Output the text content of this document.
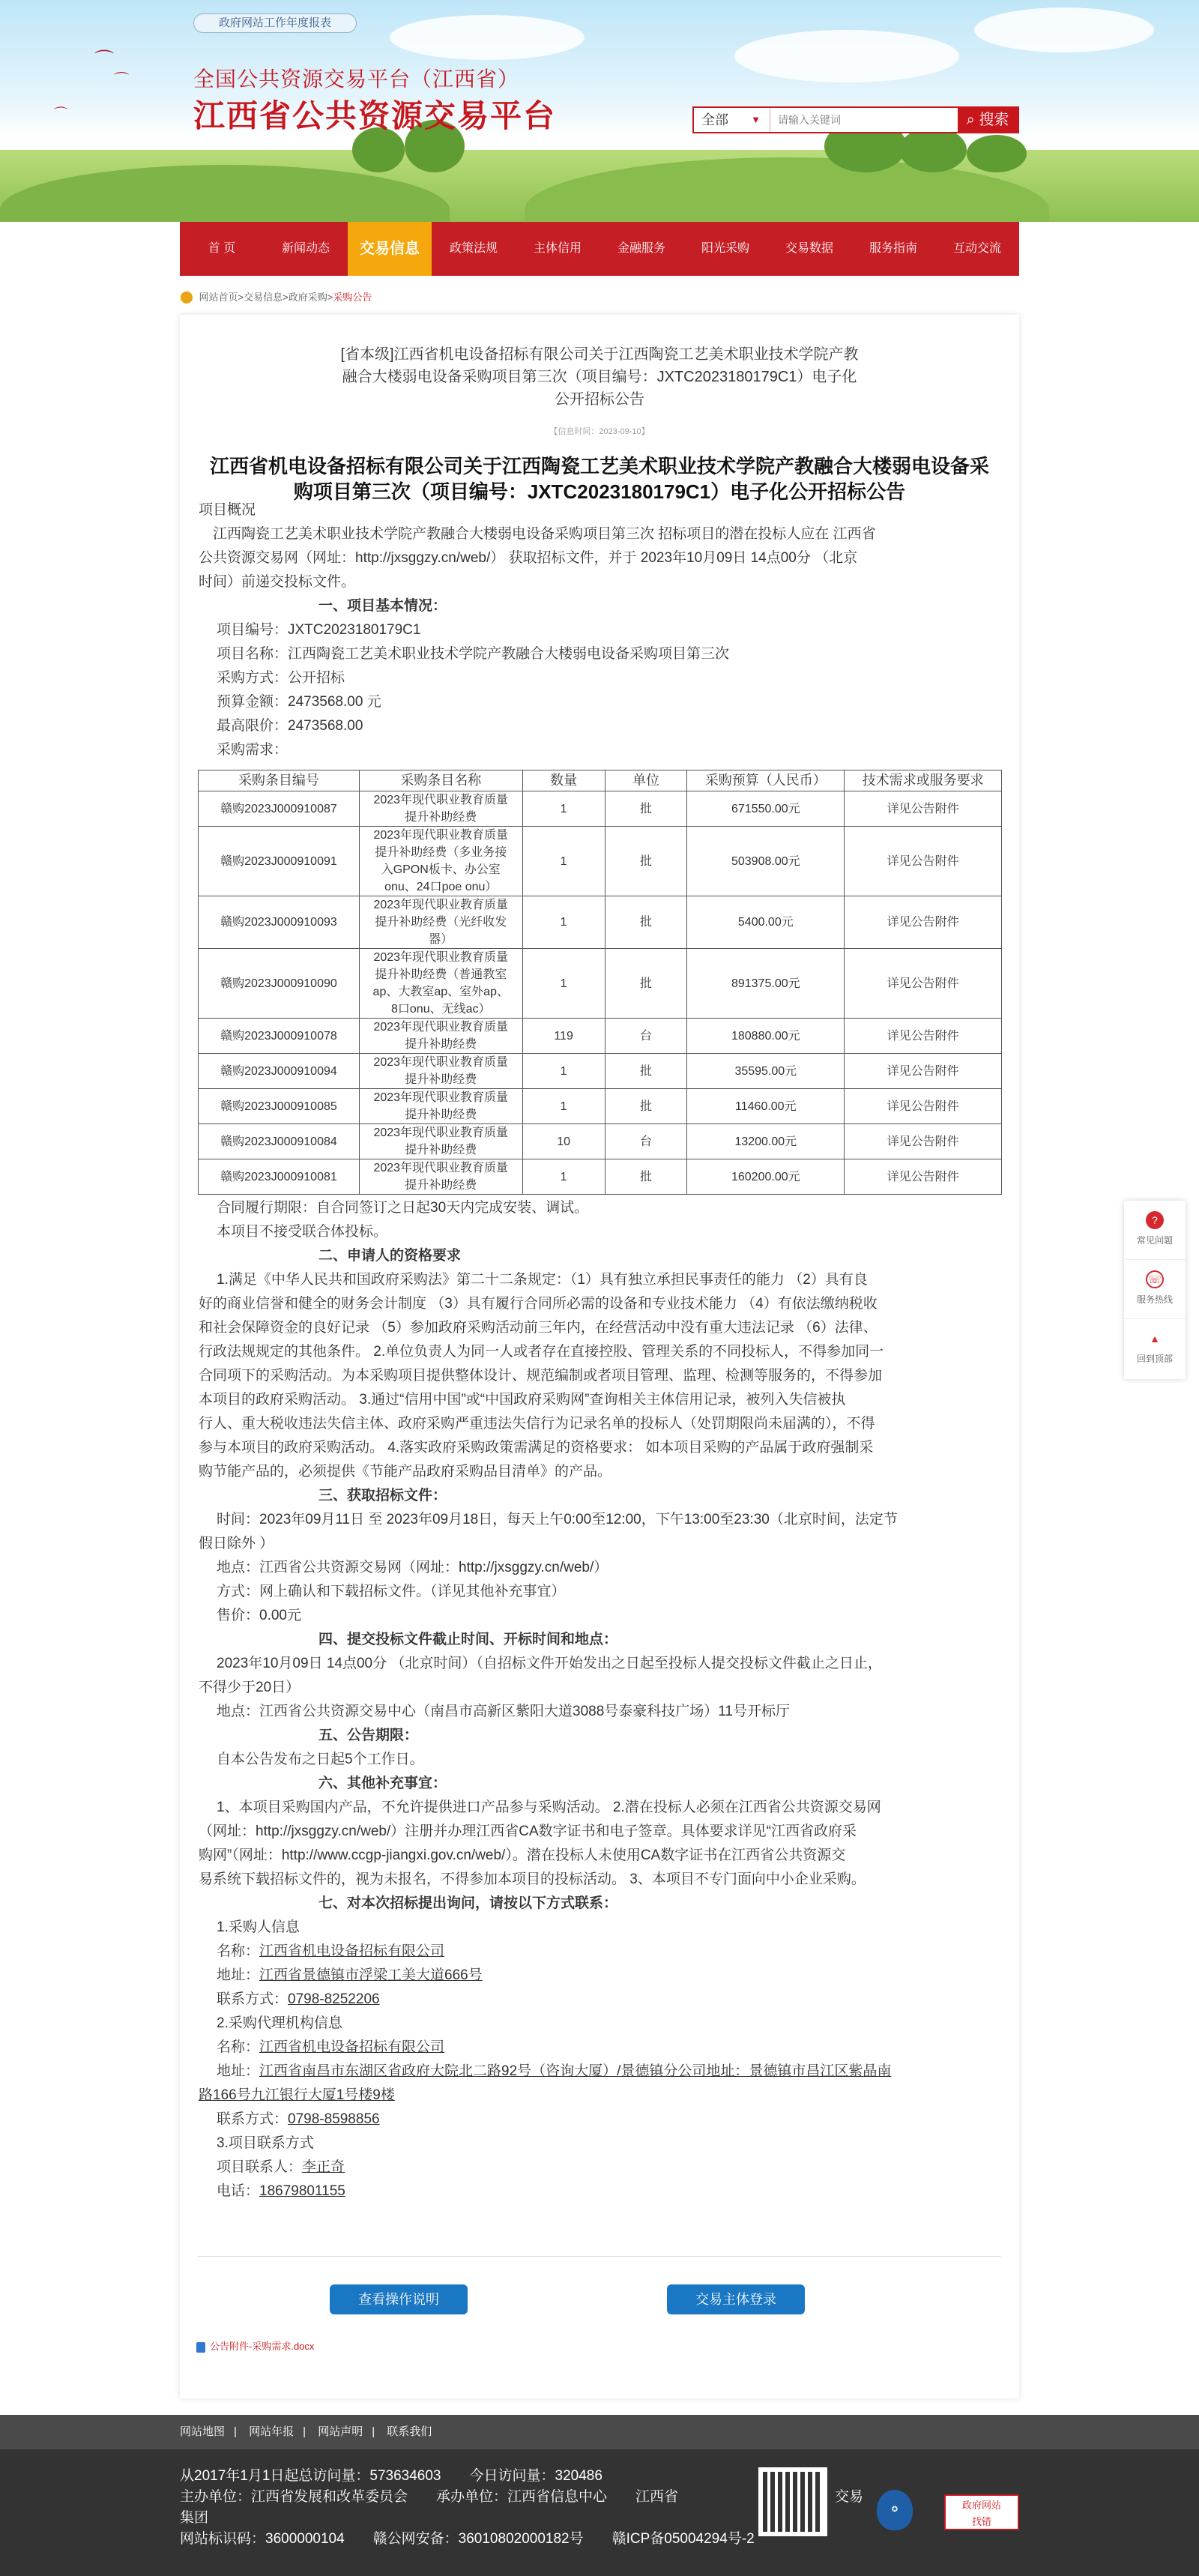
⌒
⌒
⌒
政府网站工作年度报表
全国公共资源交易平台（江西省）
江西省公共资源交易平台	全部 ▼
请输入关键词	⌕ 搜索
首 页	新闻动态	交易信息	政策法规	主体信用	金融服务	阳光采购	交易数据	服务指南	互动交流
⬤ 网站首页>交易信息>政府采购>采购公告
[省本级]江西省机电设备招标有限公司关于江西陶瓷工艺美术职业技术学院产教
融合大楼弱电设备采购项目第三次（项目编号：JXTC2023180179C1）电子化
公开招标公告
【信息时间：2023-09-10】
江西省机电设备招标有限公司关于江西陶瓷工艺美术职业技术学院产教融合大楼弱电设备采
购项目第三次（项目编号：JXTC2023180179C1）电子化公开招标公告

项目概况

　江西陶瓷工艺美术职业技术学院产教融合大楼弱电设备采购项目第三次 招标项目的潜在投标人应在 江西省

公共资源交易网（网址：http://jxsggzy.cn/web/） 获取招标文件，并于 2023年10月09日 14点00分 （北京

时间）前递交投标文件。

一、项目基本情况：

项目编号：JXTC2023180179C1

项目名称：江西陶瓷工艺美术职业技术学院产教融合大楼弱电设备采购项目第三次

采购方式：公开招标

预算金额：2473568.00 元

最高限价：2473568.00

采购需求：

采购条目编号	采购条目名称	数量	单位	采购预算（人民币）	技术需求或服务要求
赣购2023J000910087	2023年现代职业教育质量
提升补助经费	1	批	671550.00元	详见公告附件
赣购2023J000910091	2023年现代职业教育质量
提升补助经费（多业务接
入GPON板卡、办公室
onu、24口poe onu）	1	批	503908.00元	详见公告附件
赣购2023J000910093	2023年现代职业教育质量
提升补助经费（光纤收发
器）	1	批	5400.00元	详见公告附件
赣购2023J000910090	2023年现代职业教育质量
提升补助经费（普通教室
ap、大教室ap、室外ap、
8口onu、无线ac）	1	批	891375.00元	详见公告附件
赣购2023J000910078	2023年现代职业教育质量
提升补助经费	119	台	180880.00元	详见公告附件
赣购2023J000910094	2023年现代职业教育质量
提升补助经费	1	批	35595.00元	详见公告附件
赣购2023J000910085	2023年现代职业教育质量
提升补助经费	1	批	11460.00元	详见公告附件
赣购2023J000910084	2023年现代职业教育质量
提升补助经费	10	台	13200.00元	详见公告附件
赣购2023J000910081	2023年现代职业教育质量
提升补助经费	1	批	160200.00元	详见公告附件

合同履行期限：自合同签订之日起30天内完成安装、调试。

本项目不接受联合体投标。

二、申请人的资格要求

1.满足《中华人民共和国政府采购法》第二十二条规定：（1）具有独立承担民事责任的能力 （2）具有良

好的商业信誉和健全的财务会计制度 （3）具有履行合同所必需的设备和专业技术能力 （4）有依法缴纳税收

和社会保障资金的良好记录 （5）参加政府采购活动前三年内，在经营活动中没有重大违法记录 （6）法律、

行政法规规定的其他条件。 2.单位负责人为同一人或者存在直接控股、管理关系的不同投标人，不得参加同一

合同项下的采购活动。为本采购项目提供整体设计、规范编制或者项目管理、监理、检测等服务的，不得参加

本项目的政府采购活动。 3.通过“信用中国”或“中国政府采购网”查询相关主体信用记录，被列入失信被执

行人、重大税收违法失信主体、政府采购严重违法失信行为记录名单的投标人（处罚期限尚未届满的），不得

参与本项目的政府采购活动。 4.落实政府采购政策需满足的资格要求： 如本项目采购的产品属于政府强制采

购节能产品的，必须提供《节能产品政府采购品目清单》的产品。

三、获取招标文件：

时间：2023年09月11日 至 2023年09月18日，每天上午0:00至12:00，下午13:00至23:30（北京时间，法定节

假日除外 ）

地点：江西省公共资源交易网（网址：http://jxsggzy.cn/web/）

方式：网上确认和下载招标文件。（详见其他补充事宜）

售价：0.00元

四、提交投标文件截止时间、开标时间和地点：

2023年10月09日 14点00分 （北京时间）（自招标文件开始发出之日起至投标人提交投标文件截止之日止，

不得少于20日）

地点：江西省公共资源交易中心（南昌市高新区紫阳大道3088号泰豪科技广场）11号开标厅

五、公告期限：

自本公告发布之日起5个工作日。

六、其他补充事宜：

1、本项目采购国内产品，不允许提供进口产品参与采购活动。 2.潜在投标人必须在江西省公共资源交易网

（网址：http://jxsggzy.cn/web/）注册并办理江西省CA数字证书和电子签章。具体要求详见“江西省政府采

购网”（网址：http://www.ccgp-jiangxi.gov.cn/web/）。潜在投标人未使用CA数字证书在江西省公共资源交

易系统下载招标文件的，视为未报名，不得参加本项目的投标活动。 3、本项目不专门面向中小企业采购。

七、对本次招标提出询问，请按以下方式联系：

1.采购人信息

名称：江西省机电设备招标有限公司

地址：江西省景德镇市浮梁工美大道666号

联系方式：0798-8252206

2.采购代理机构信息

名称：江西省机电设备招标有限公司

地址：江西省南昌市东湖区省政府大院北二路92号（咨询大厦）/景德镇分公司地址：景德镇市昌江区紫晶南

路166号九江银行大厦1号楼9楼

联系方式：0798-8598856

3.项目联系方式

项目联系人：李正奇

电话：18679801155

查看操作说明	交易主体登录
公告附件-采购需求.docx
?
常见问题
☏
服务热线
▲
回到顶部
网站地图 | 网站年报 | 网站声明 | 联系我们
从2017年1月1日起总访问量：573634603　　今日访问量：320486
主办单位：江西省发展和改革委员会　　承办单位：江西省信息中心　　江西省	交易
集团
网站标识码：3600000104　　赣公网安备：36010802000182号　　赣ICP备05004294号-2
✪	政府网站
找错
